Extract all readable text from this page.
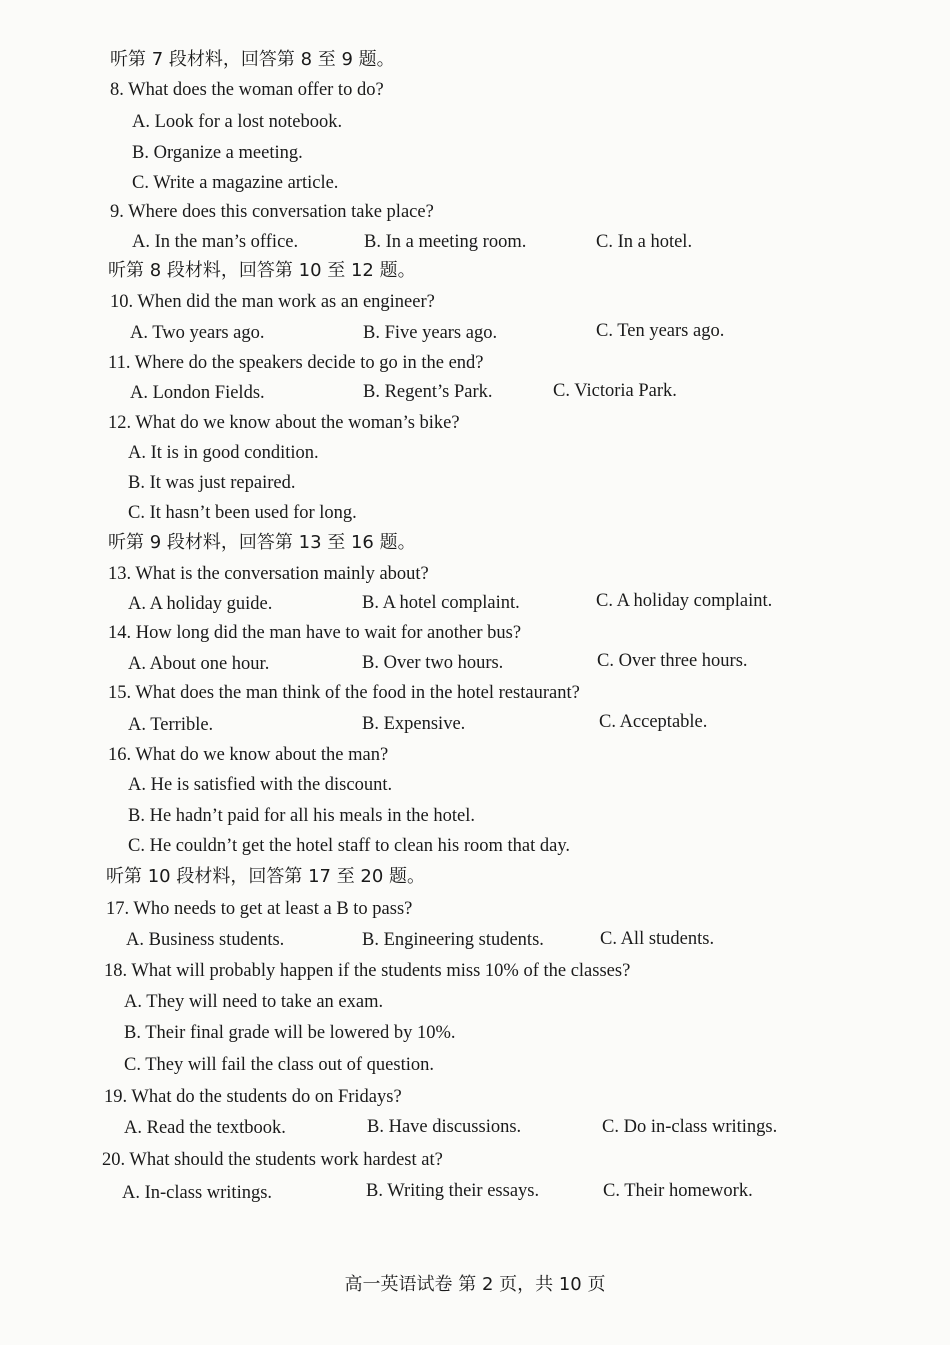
听第 7 段材料，回答第 8 至 9 题。
8. What does the woman offer to do?
A. Look for a lost notebook.
B. Organize a meeting.
C. Write a magazine article.
9. Where does this conversation take place?
A. In the man’s office.	B. In a meeting room.	C. In a hotel.
听第 8 段材料，回答第 10 至 12 题。
10. When did the man work as an engineer?
A. Two years ago.	B. Five years ago.	C. Ten years ago.
11. Where do the speakers decide to go in the end?
A. London Fields.	B. Regent’s Park.	C. Victoria Park.
12. What do we know about the woman’s bike?
A. It is in good condition.
B. It was just repaired.
C. It hasn’t been used for long.
听第 9 段材料，回答第 13 至 16 题。
13. What is the conversation mainly about?
A. A holiday guide.	B. A hotel complaint.	C. A holiday complaint.
14. How long did the man have to wait for another bus?
A. About one hour.	B. Over two hours.	C. Over three hours.
15. What does the man think of the food in the hotel restaurant?
A. Terrible.	B. Expensive.	C. Acceptable.
16. What do we know about the man?
A. He is satisfied with the discount.
B. He hadn’t paid for all his meals in the hotel.
C. He couldn’t get the hotel staff to clean his room that day.
听第 10 段材料，回答第 17 至 20 题。
17. Who needs to get at least a B to pass?
A. Business students.	B. Engineering students.	C. All students.
18. What will probably happen if the students miss 10% of the classes?
A. They will need to take an exam.
B. Their final grade will be lowered by 10%.
C. They will fail the class out of question.
19. What do the students do on Fridays?
A. Read the textbook.	B. Have discussions.	C. Do in-class writings.
20. What should the students work hardest at?
A. In-class writings.	B. Writing their essays.	C. Their homework.
高一英语试卷 第 2 页，共 10 页
